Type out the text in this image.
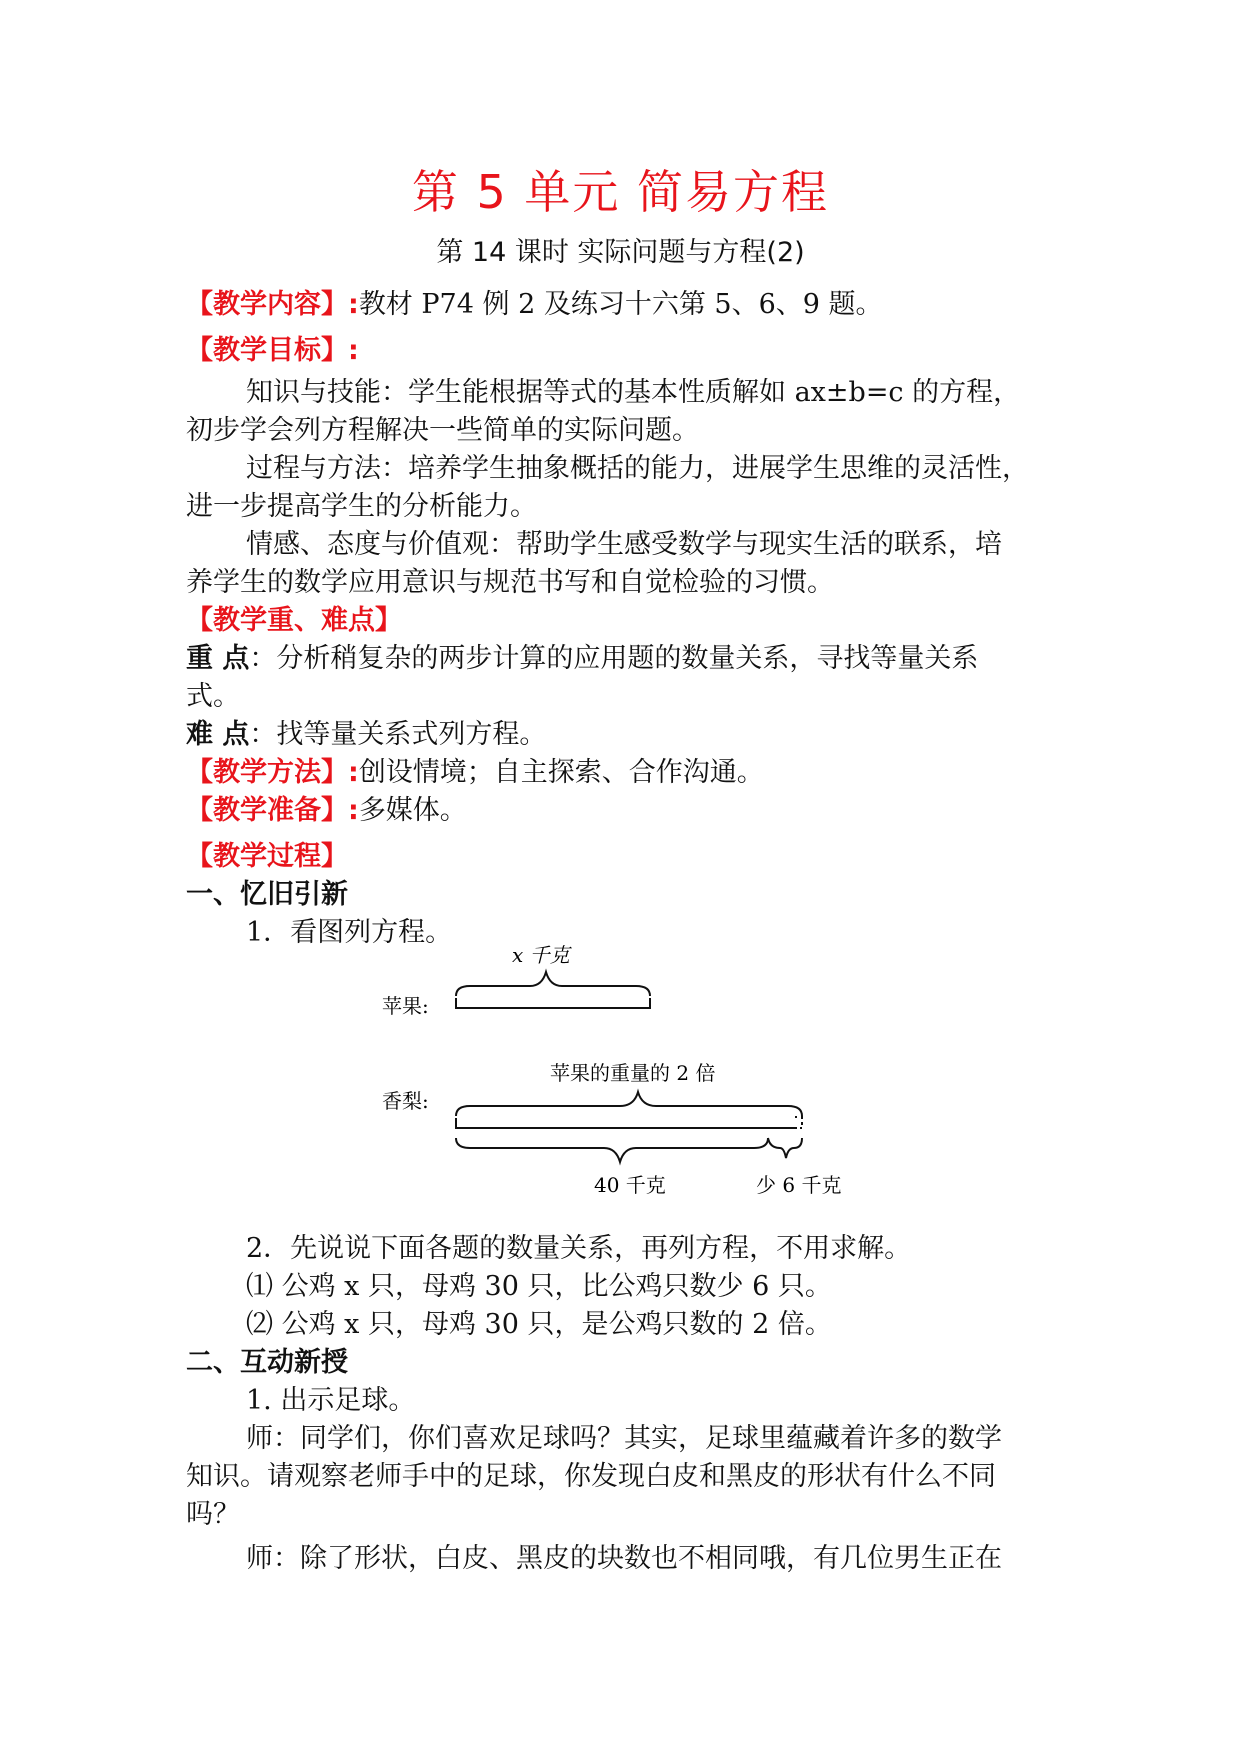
第 5 单元 简易方程
第 14 课时 实际问题与方程(2)
【教学内容】:教材 P74 例 2 及练习十六第 5、6、9 题。
【教学目标】:
知识与技能：学生能根据等式的基本性质解如 ax±b=c 的方程，
初步学会列方程解决一些简单的实际问题。
过程与方法：培养学生抽象概括的能力，进展学生思维的灵活性，
进一步提高学生的分析能力。
情感、态度与价值观：帮助学生感受数学与现实生活的联系，培
养学生的数学应用意识与规范书写和自觉检验的习惯。
【教学重、难点】
重 点：分析稍复杂的两步计算的应用题的数量关系，寻找等量关系
式。
难 点：找等量关系式列方程。
【教学方法】:创设情境；自主探索、合作沟通。
【教学准备】:多媒体。
【教学过程】
一、忆旧引新
1．看图列方程。
x 千克
苹果:
苹果的重量的 2 倍
香梨:
40 千克	少 6 千克
2．先说说下面各题的数量关系，再列方程，不用求解。
⑴ 公鸡 x 只，母鸡 30 只，比公鸡只数少 6 只。
⑵ 公鸡 x 只，母鸡 30 只，是公鸡只数的 2 倍。
二、互动新授
1. 出示足球。
师：同学们，你们喜欢足球吗？其实，足球里蕴藏着许多的数学
知识。请观察老师手中的足球，你发现白皮和黑皮的形状有什么不同
吗？
师：除了形状，白皮、黑皮的块数也不相同哦，有几位男生正在
